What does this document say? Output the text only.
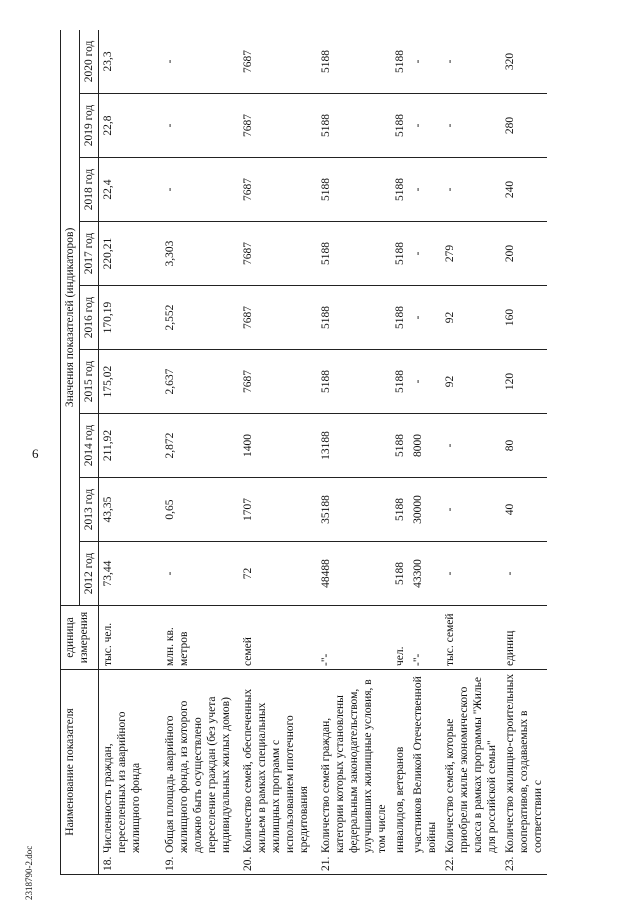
6
Наименование показателя	единица измерения	Значения показателей (индикаторов)								
		2012 год	2013 год	2014 год	2015 год	2016 год	2017 год	2018 год	2019 год	2020 год

18.
Численность граждан, переселенных из аварийного жилищного фонда	тыс. чел.	73,44	43,35	211,92	175,02	170,19	220,21	22,4	22,8	23,3

19.
Общая площадь аварийного жилищного фонда, из которого должно быть осуществлено переселение граждан (без учета индивидуальных жилых домов)	млн. кв. метров	-	0,65	2,872	2,637	2,552	3,303	-	-	-

20.
Количество семей, обеспеченных жильем в рамках специальных жилищных программ с использованием ипотечного кредитования	семей	72	1707	1400	7687	7687	7687	7687	7687	7687

21.
Количество семей граждан, категории которых установлены федеральным законодательством, улучшивших жилищные условия, в том числе	-"-	48488	35188	13188	5188	5188	5188	5188	5188	5188

инвалидов, ветеранов	чел.	5188	5188	5188	5188	5188	5188	5188	5188	5188

участников Великой Отечественной войны	-"-	43300	30000	8000	-	-	-	-	-	-

22.
Количество семей, которые приобрели жилье экономического класса в рамках программы "Жилье для российской семьи"	тыс. семей	-	-	-	92	92	279	-	-	-

23.
Количество жилищно-строительных кооперативов, создаваемых в соответствии с	единиц	-	40	80	120	160	200	240	280	320
2318790-2.doc
